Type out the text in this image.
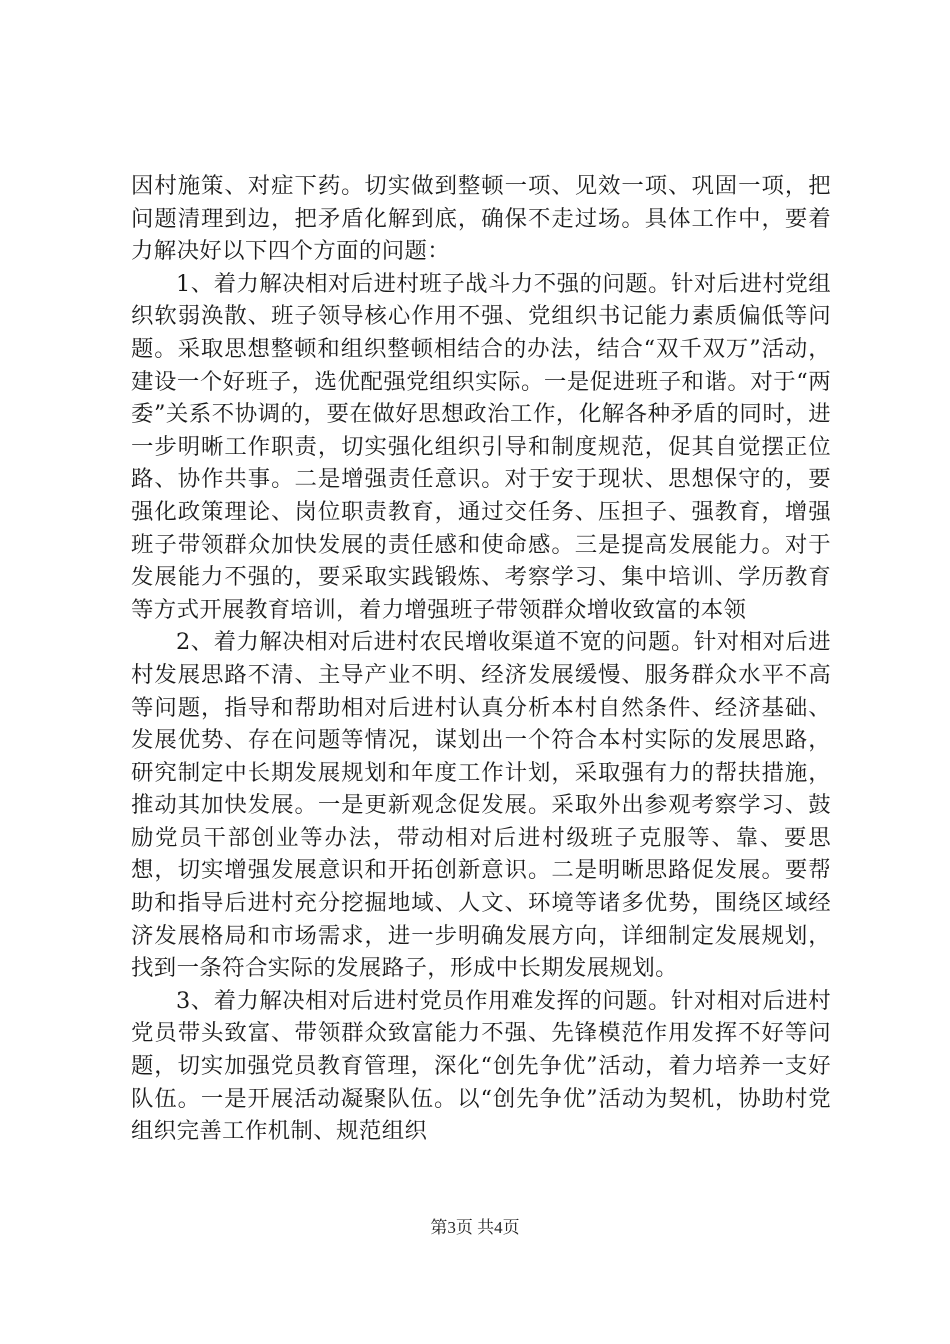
因村施策、对症下药。切实做到整顿一项、见效一项、巩固一项，把问题清理到边，把矛盾化解到底，确保不走过场。具体工作中，要着力解决好以下四个方面的问题：

1、着力解决相对后进村班子战斗力不强的问题。针对后进村党组织软弱涣散、班子领导核心作用不强、党组织书记能力素质偏低等问题。采取思想整顿和组织整顿相结合的办法，结合“双千双万”活动，建设一个好班子，选优配强党组织实际。一是促进班子和谐。对于“两委”关系不协调的，要在做好思想政治工作，化解各种矛盾的同时，进一步明晰工作职责，切实强化组织引导和制度规范，促其自觉摆正位路、协作共事。二是增强责任意识。对于安于现状、思想保守的，要强化政策理论、岗位职责教育，通过交任务、压担子、强教育，增强班子带领群众加快发展的责任感和使命感。三是提高发展能力。对于发展能力不强的，要采取实践锻炼、考察学习、集中培训、学历教育等方式开展教育培训，着力增强班子带领群众增收致富的本领

2、着力解决相对后进村农民增收渠道不宽的问题。针对相对后进村发展思路不清、主导产业不明、经济发展缓慢、服务群众水平不高等问题，指导和帮助相对后进村认真分析本村自然条件、经济基础、发展优势、存在问题等情况，谋划出一个符合本村实际的发展思路，研究制定中长期发展规划和年度工作计划，采取强有力的帮扶措施，推动其加快发展。一是更新观念促发展。采取外出参观考察学习、鼓励党员干部创业等办法，带动相对后进村级班子克服等、靠、要思想，切实增强发展意识和开拓创新意识。二是明晰思路促发展。要帮助和指导后进村充分挖掘地域、人文、环境等诸多优势，围绕区域经济发展格局和市场需求，进一步明确发展方向，详细制定发展规划，找到一条符合实际的发展路子，形成中长期发展规划。

3、着力解决相对后进村党员作用难发挥的问题。针对相对后进村党员带头致富、带领群众致富能力不强、先锋模范作用发挥不好等问题，切实加强党员教育管理，深化“创先争优”活动，着力培养一支好队伍。一是开展活动凝聚队伍。以“创先争优”活动为契机，协助村党组织完善工作机制、规范组织

第3页 共4页
